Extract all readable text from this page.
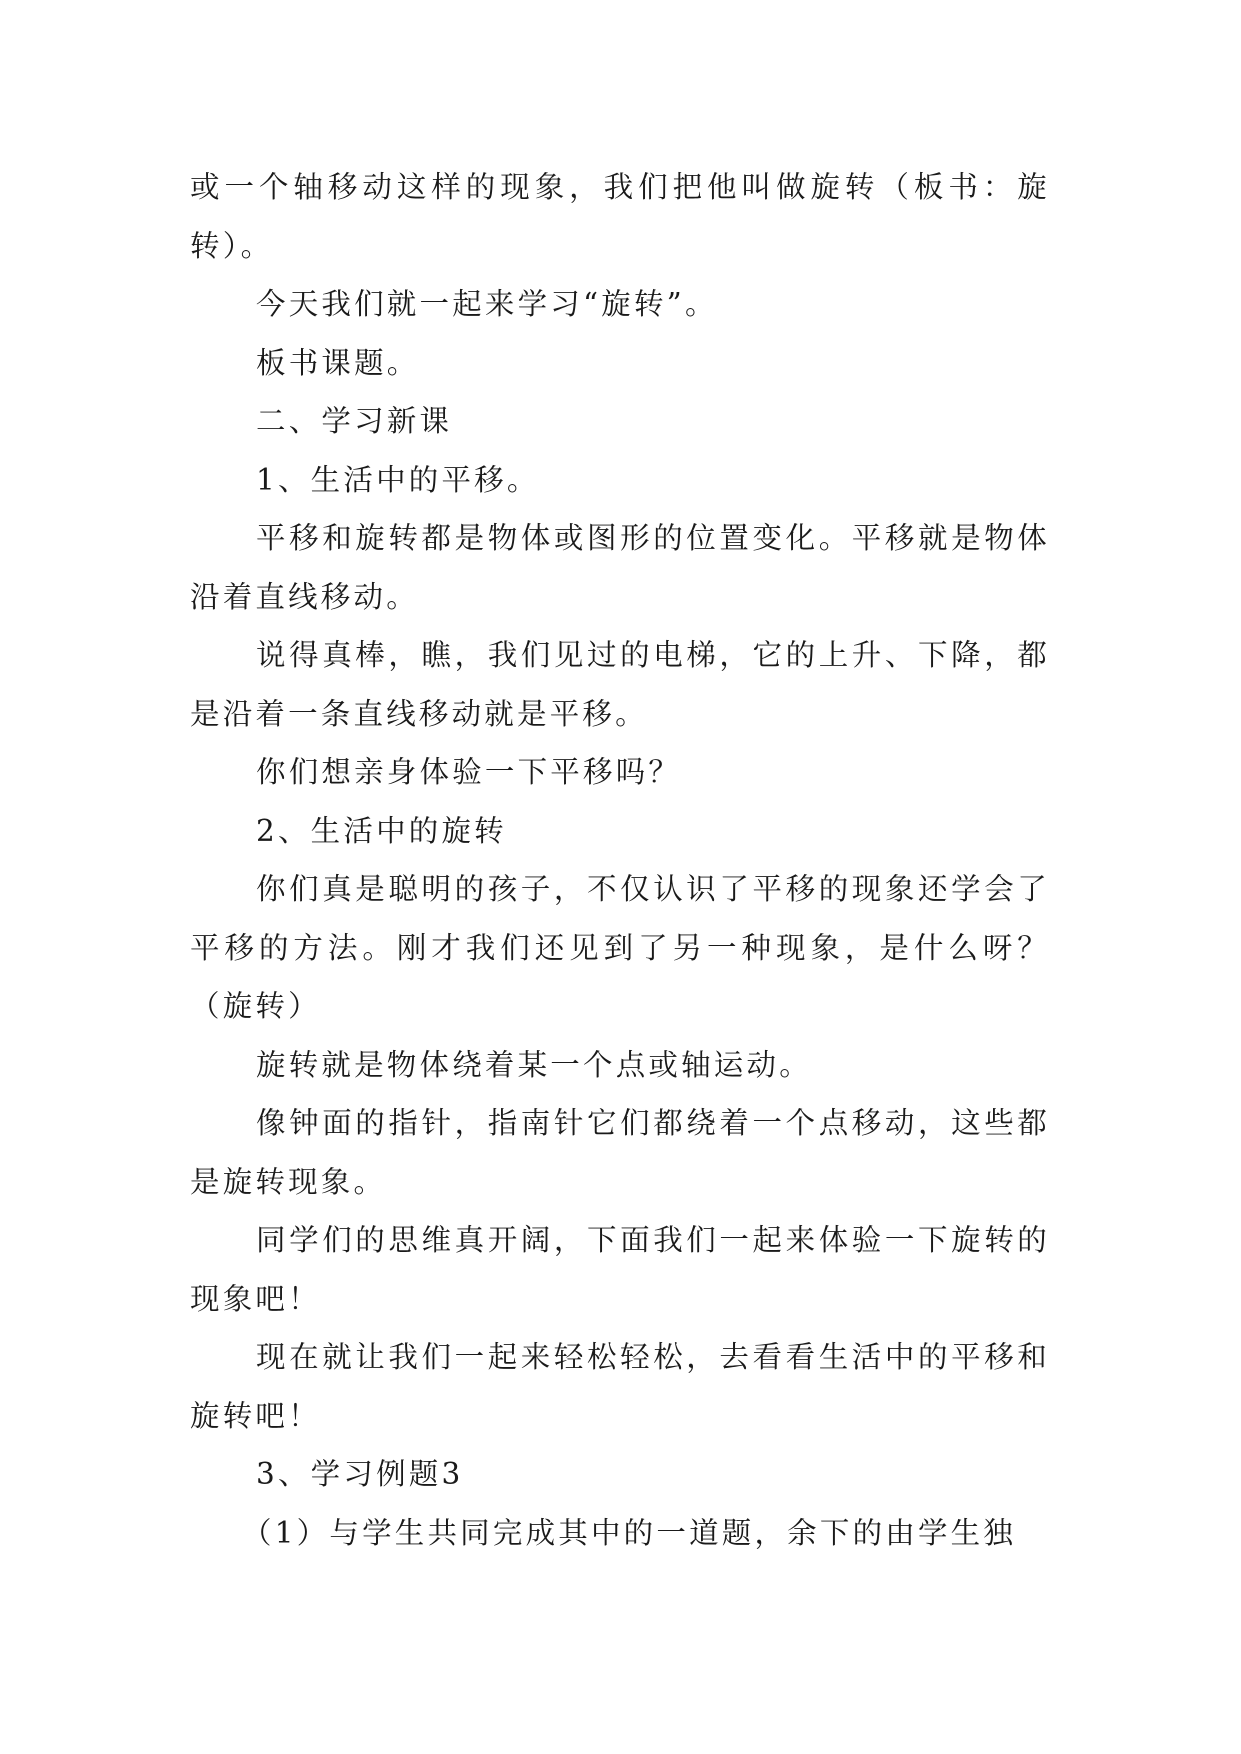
或一个轴移动这样的现象，我们把他叫做旋转（板书：旋转）。

今天我们就一起来学习“旋转”。

板书课题。

二、学习新课

1、生活中的平移。

平移和旋转都是物体或图形的位置变化。平移就是物体沿着直线移动。

说得真棒，瞧，我们见过的电梯，它的上升、下降，都是沿着一条直线移动就是平移。

你们想亲身体验一下平移吗？

2、生活中的旋转

你们真是聪明的孩子，不仅认识了平移的现象还学会了平移的方法。刚才我们还见到了另一种现象，是什么呀？（旋转）

旋转就是物体绕着某一个点或轴运动。

像钟面的指针，指南针它们都绕着一个点移动，这些都是旋转现象。

同学们的思维真开阔，下面我们一起来体验一下旋转的现象吧！

现在就让我们一起来轻松轻松，去看看生活中的平移和旋转吧！

3、学习例题3

（1）与学生共同完成其中的一道题，余下的由学生独
